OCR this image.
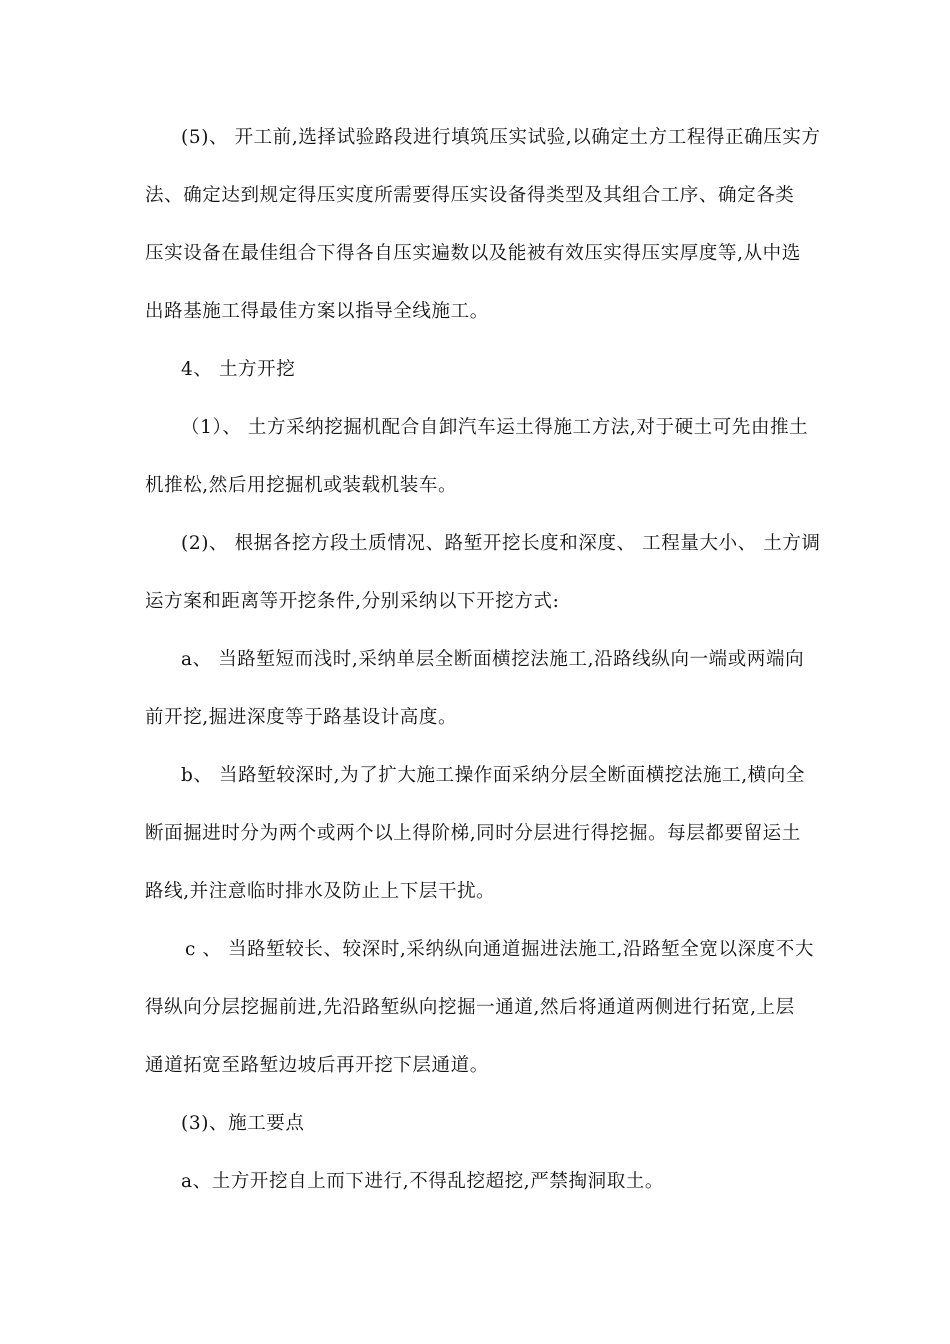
(5)、 开工前,选择试验路段进行填筑压实试验,以确定土方工程得正确压实方
法、确定达到规定得压实度所需要得压实设备得类型及其组合工序、确定各类
压实设备在最佳组合下得各自压实遍数以及能被有效压实得压实厚度等,从中选
出路基施工得最佳方案以指导全线施工。
4、 土方开挖
（1）、 土方采纳挖掘机配合自卸汽车运土得施工方法,对于硬土可先由推土
机推松,然后用挖掘机或装载机装车。
(2)、 根据各挖方段土质情况、路堑开挖长度和深度、 工程量大小、 土方调
运方案和距离等开挖条件,分别采纳以下开挖方式:
a、 当路堑短而浅时,采纳单层全断面横挖法施工,沿路线纵向一端或两端向
前开挖,掘进深度等于路基设计高度。
b、 当路堑较深时,为了扩大施工操作面采纳分层全断面横挖法施工,横向全
断面掘进时分为两个或两个以上得阶梯,同时分层进行得挖掘。每层都要留运土
路线,并注意临时排水及防止上下层干扰。
c 、 当路堑较长、较深时,采纳纵向通道掘进法施工,沿路堑全宽以深度不大
得纵向分层挖掘前进,先沿路堑纵向挖掘一通道,然后将通道两侧进行拓宽,上层
通道拓宽至路堑边坡后再开挖下层通道。
(3)、施工要点
a、土方开挖自上而下进行,不得乱挖超挖,严禁掏洞取土。
